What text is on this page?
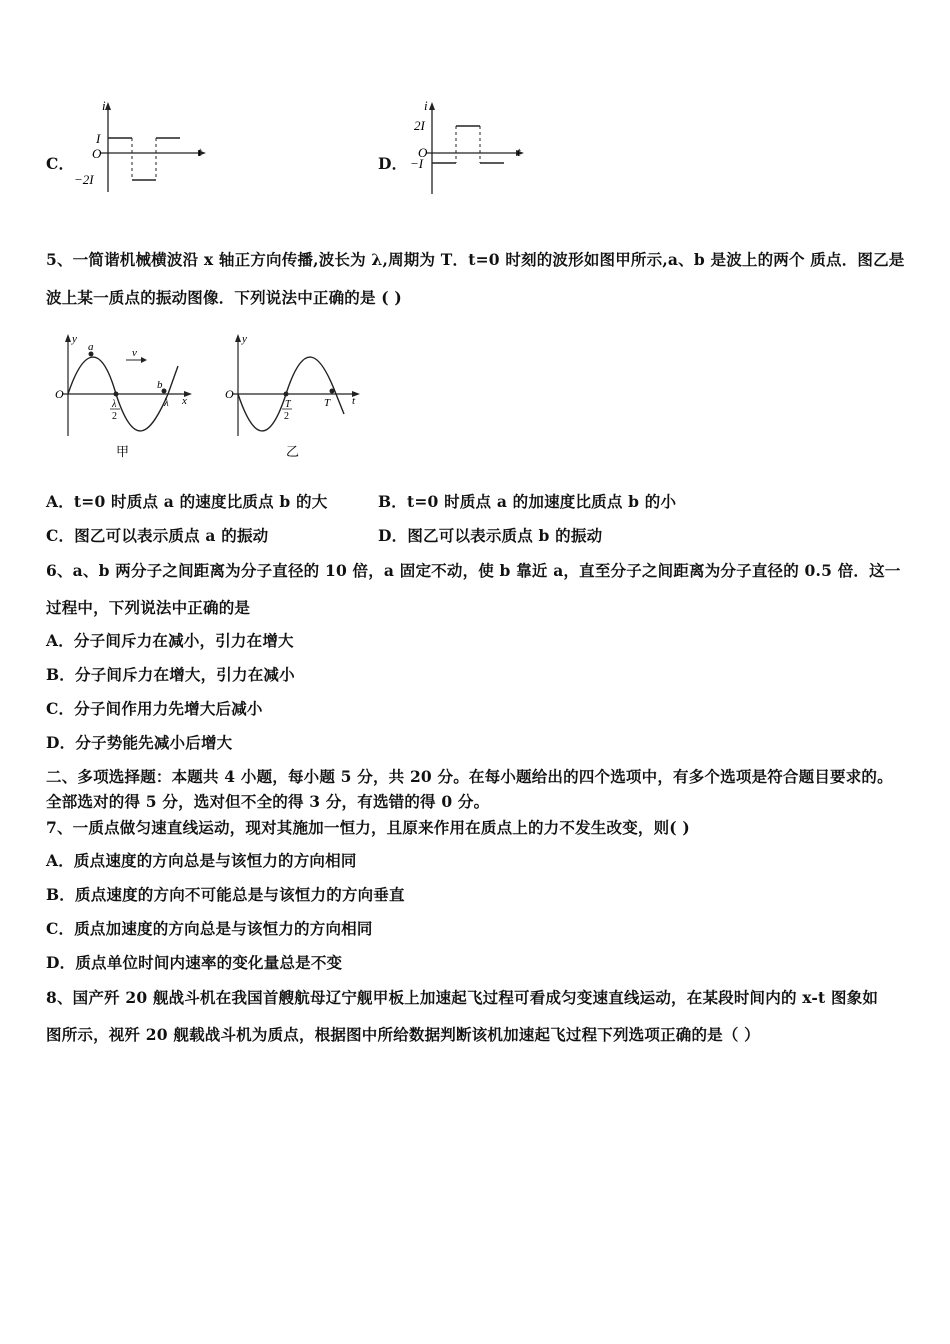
C．
i
t
I
O
−2I
D．
i
t
2I
O
−I
5、一简谐机械横波沿 x 轴正方向传播,波长为 λ,周期为 T．t=0 时刻的波形如图甲所示,a、b 是波上的两个 质点．图乙是
波上某一质点的振动图像．下列说法中正确的是 ( )
y
x
O
a
b
v
λ
2
λ
甲
y
t
O
T
2
T
乙
A．t=0 时质点 a 的速度比质点 b 的大	B．t=0 时质点 a 的加速度比质点 b 的小
C．图乙可以表示质点 a 的振动	D．图乙可以表示质点 b 的振动
6、a、b 两分子之间距离为分子直径的 10 倍，a 固定不动，使 b 靠近 a，直至分子之间距离为分子直径的 0.5 倍．这一
过程中，下列说法中正确的是
A．分子间斥力在减小，引力在增大
B．分子间斥力在增大，引力在减小
C．分子间作用力先增大后减小
D．分子势能先减小后增大
二、多项选择题：本题共 4 小题，每小题 5 分，共 20 分。在每小题给出的四个选项中，有多个选项是符合题目要求的。
全部选对的得 5 分，选对但不全的得 3 分，有选错的得 0 分。
7、一质点做匀速直线运动，现对其施加一恒力，且原来作用在质点上的力不发生改变，则( )
A．质点速度的方向总是与该恒力的方向相同
B．质点速度的方向不可能总是与该恒力的方向垂直
C．质点加速度的方向总是与该恒力的方向相同
D．质点单位时间内速率的变化量总是不变
8、国产歼 20 舰战斗机在我国首艘航母辽宁舰甲板上加速起飞过程可看成匀变速直线运动，在某段时间内的 x-t 图象如
图所示，视歼 20 舰载战斗机为质点，根据图中所给数据判断该机加速起飞过程下列选项正确的是（ ）
